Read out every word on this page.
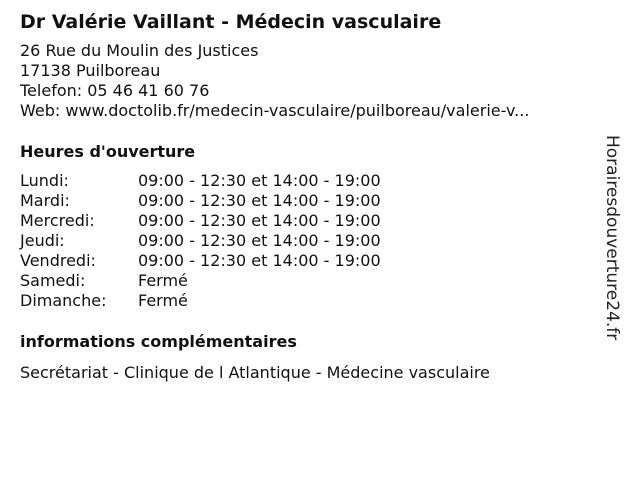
Dr Valérie Vaillant - Médecin vasculaire
26 Rue du Moulin des Justices
17138 Puilboreau
Telefon: 05 46 41 60 76
Web: www.doctolib.fr/medecin-vasculaire/puilboreau/valerie-v...
Heures d'ouverture
Lundi:	09:00 - 12:30 et 14:00 - 19:00
Mardi:	09:00 - 12:30 et 14:00 - 19:00
Mercredi:	09:00 - 12:30 et 14:00 - 19:00
Jeudi:	09:00 - 12:30 et 14:00 - 19:00
Vendredi:	09:00 - 12:30 et 14:00 - 19:00
Samedi:	Fermé
Dimanche:	Fermé
informations complémentaires
Secrétariat - Clinique de l Atlantique - Médecine vasculaire
Horairesdouverture24.fr
